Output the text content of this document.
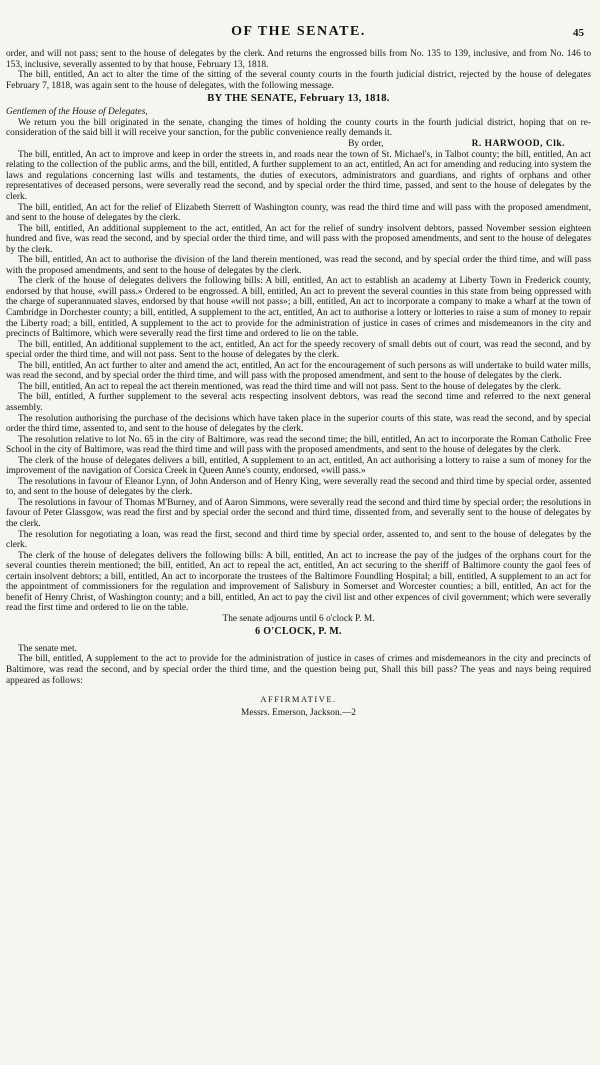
OF THE SENATE.	45

order, and will not pass; sent to the house of delegates by the clerk. And returns the engrossed bills from No. 135 to 139, inclusive, and from No. 146 to 153, inclusive, severally assented to by that house, February 13, 1818.

The bill, entitled, An act to alter the time of the sitting of the several county courts in the fourth judicial district, rejected by the house of delegates February 7, 1818, was again sent to the house of delegates, with the following message.

BY THE SENATE, February 13, 1818.
Gentlemen of the House of Delegates,

We return you the bill originated in the senate, changing the times of holding the county courts in the fourth judicial district, hoping that on re-consideration of the said bill it will receive your sanction, for the public convenience really demands it.

By order,	R. HARWOOD, Clk.

The bill, entitled, An act to improve and keep in order the streets in, and roads near the town of St. Michael's, in Talbot county; the bill, entitled, An act relating to the collection of the public arms, and the bill, entitled, A further supplement to an act, entitled, An act for amending and reducing into system the laws and regulations concerning last wills and testaments, the duties of executors, administrators and guardians, and rights of orphans and other representatives of deceased persons, were severally read the second, and by special order the third time, passed, and sent to the house of delegates by the clerk.

The bill, entitled, An act for the relief of Elizabeth Sterrett of Washington county, was read the third time and will pass with the proposed amendment, and sent to the house of delegates by the clerk.

The bill, entitled, An additional supplement to the act, entitled, An act for the relief of sundry insolvent debtors, passed November session eighteen hundred and five, was read the second, and by special order the third time, and will pass with the proposed amendments, and sent to the house of delegates by the clerk.

The bill, entitled, An act to authorise the division of the land therein mentioned, was read the second, and by special order the third time, and will pass with the proposed amendments, and sent to the house of delegates by the clerk.

The clerk of the house of delegates delivers the following bills: A bill, entitled, An act to establish an academy at Liberty Town in Frederick county, endorsed by that house, «will pass.» Ordered to be engrossed. A bill, entitled, An act to prevent the several counties in this state from being oppressed with the charge of superannuated slaves, endorsed by that house «will not pass»; a bill, entitled, An act to incorporate a company to make a wharf at the town of Cambridge in Dorchester county; a bill, entitled, A supplement to the act, entitled, An act to authorise a lottery or lotteries to raise a sum of money to repair the Liberty road; a bill, entitled, A supplement to the act to provide for the administration of justice in cases of crimes and misdemeanors in the city and precincts of Baltimore, which were severally read the first time and ordered to lie on the table.

The bill, entitled, An additional supplement to the act, entitled, An act for the speedy recovery of small debts out of court, was read the second, and by special order the third time, and will not pass. Sent to the house of delegates by the clerk.

The bill, entitled, An act further to alter and amend the act, entitled, An act for the encouragement of such persons as will undertake to build water mills, was read the second, and by special order the third time, and will pass with the proposed amendment, and sent to the house of delegates by the clerk.

The bill, entitled, An act to repeal the act therein mentioned, was read the third time and will not pass. Sent to the house of delegates by the clerk.

The bill, entitled, A further supplement to the several acts respecting insolvent debtors, was read the second time and referred to the next general assembly.

The resolution authorising the purchase of the decisions which have taken place in the superior courts of this state, was read the second, and by special order the third time, assented to, and sent to the house of delegates by the clerk.

The resolution relative to lot No. 65 in the city of Baltimore, was read the second time; the bill, entitled, An act to incorporate the Roman Catholic Free School in the city of Baltimore, was read the third time and will pass with the proposed amendments, and sent to the house of delegates by the clerk.

The clerk of the house of delegates delivers a bill, entitled, A supplement to an act, entitled, An act authorising a lottery to raise a sum of money for the improvement of the navigation of Corsica Creek in Queen Anne's county, endorsed, «will pass.»

The resolutions in favour of Eleanor Lynn, of John Anderson and of Henry King, were severally read the second and third time by special order, assented to, and sent to the house of delegates by the clerk.

The resolutions in favour of Thomas M'Burney, and of Aaron Simmons, were severally read the second and third time by special order; the resolutions in favour of Peter Glassgow, was read the first and by special order the second and third time, dissented from, and severally sent to the house of delegates by the clerk.

The resolution for negotiating a loan, was read the first, second and third time by special order, assented to, and sent to the house of delegates by the clerk.

The clerk of the house of delegates delivers the following bills: A bill, entitled, An act to increase the pay of the judges of the orphans court for the several counties therein mentioned; the bill, entitled, An act to repeal the act, entitled, An act securing to the sheriff of Baltimore county the gaol fees of certain insolvent debtors; a bill, entitled, An act to incorporate the trustees of the Baltimore Foundling Hospital; a bill, entitled, A supplement to an act for the appointment of commissioners for the regulation and improvement of Salisbury in Somerset and Worcester counties; a bill, entitled, An act for the benefit of Henry Christ, of Washington county; and a bill, entitled, An act to pay the civil list and other expences of civil government; which were severally read the first time and ordered to lie on the table.

The senate adjourns until 6 o'clock P. M.
6 O'CLOCK, P. M.

The senate met.

The bill, entitled, A supplement to the act to provide for the administration of justice in cases of crimes and misdemeanors in the city and precincts of Baltimore, was read the second, and by special order the third time, and the question being put, Shall this bill pass? The yeas and nays being required appeared as follows:

AFFIRMATIVE.
Messrs. Emerson, Jackson.—2
